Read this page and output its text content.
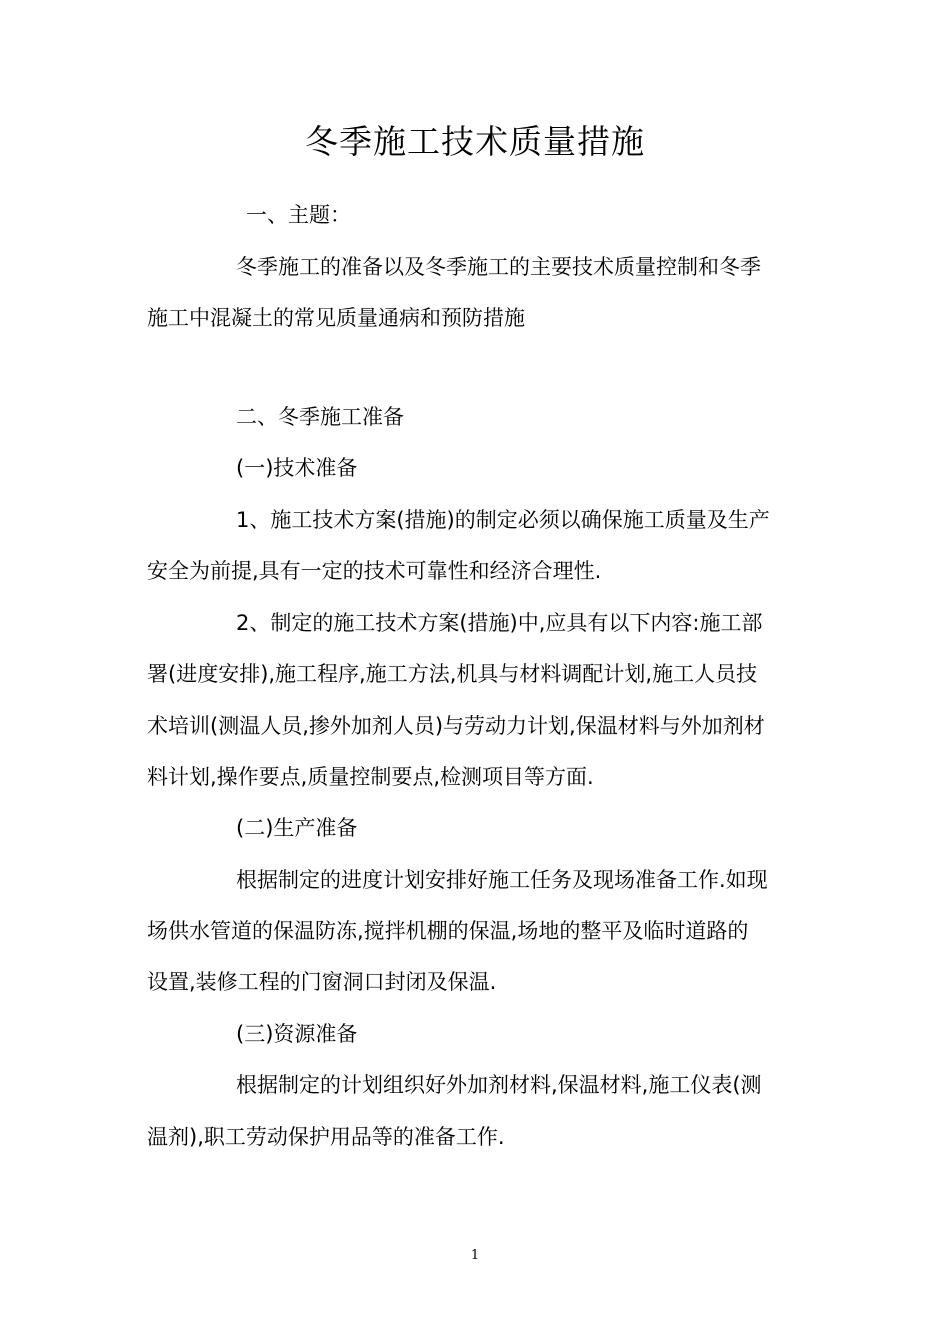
冬季施工技术质量措施
一、主题：
冬季施工的准备以及冬季施工的主要技术质量控制和冬季
施工中混凝土的常见质量通病和预防措施
二、冬季施工准备
(一)技术准备
1、施工技术方案(措施)的制定必须以确保施工质量及生产
安全为前提,具有一定的技术可靠性和经济合理性.
2、制定的施工技术方案(措施)中,应具有以下内容:施工部
署(进度安排),施工程序,施工方法,机具与材料调配计划,施工人员技
术培训(测温人员,掺外加剂人员)与劳动力计划,保温材料与外加剂材
料计划,操作要点,质量控制要点,检测项目等方面.
(二)生产准备
根据制定的进度计划安排好施工任务及现场准备工作.如现
场供水管道的保温防冻,搅拌机棚的保温,场地的整平及临时道路的
设置,装修工程的门窗洞口封闭及保温.
(三)资源准备
根据制定的计划组织好外加剂材料,保温材料,施工仪表(测
温剂),职工劳动保护用品等的准备工作.
1
